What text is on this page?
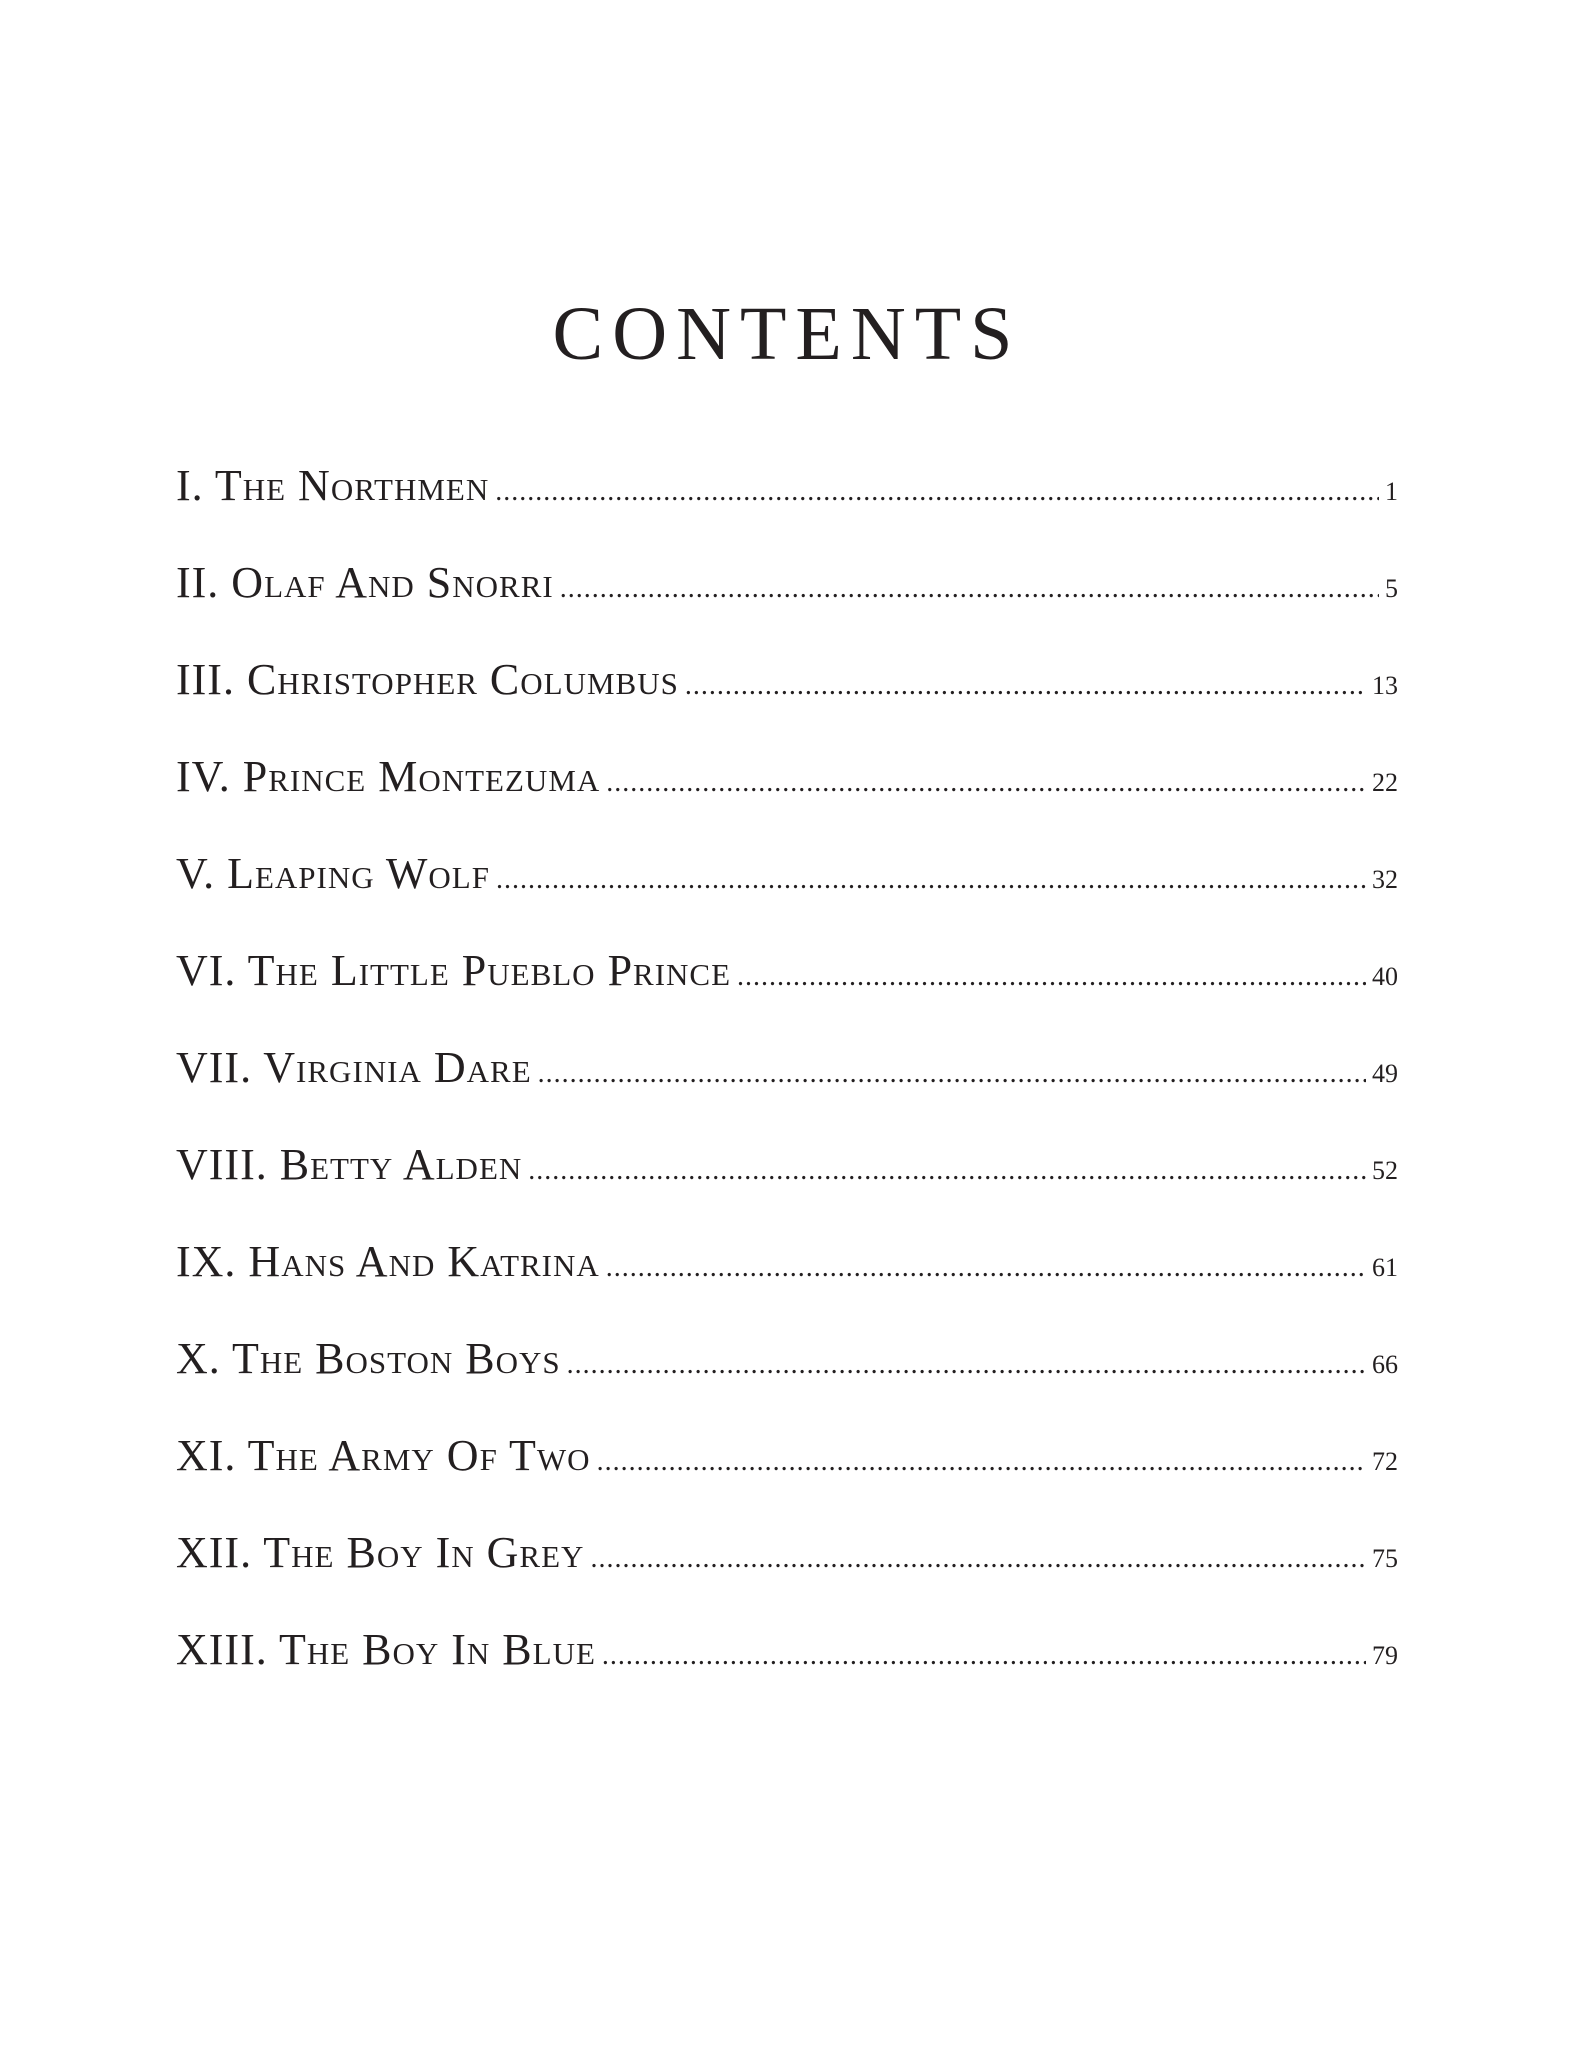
CONTENTS
I. The Northmen . . .	1
II. Olaf And Snorri . . .	5
III. Christopher Columbus . . .	13
IV. Prince Montezuma . . .	22
V. Leaping Wolf . . .	32
VI. The Little Pueblo Prince . . .	40
VII. Virginia Dare . . .	49
VIII. Betty Alden . . .	52
IX. Hans And Katrina . . .	61
X. The Boston Boys . . .	66
XI. The Army Of Two . . .	72
XII. The Boy In Grey . . .	75
XIII. The Boy In Blue . . .	79
